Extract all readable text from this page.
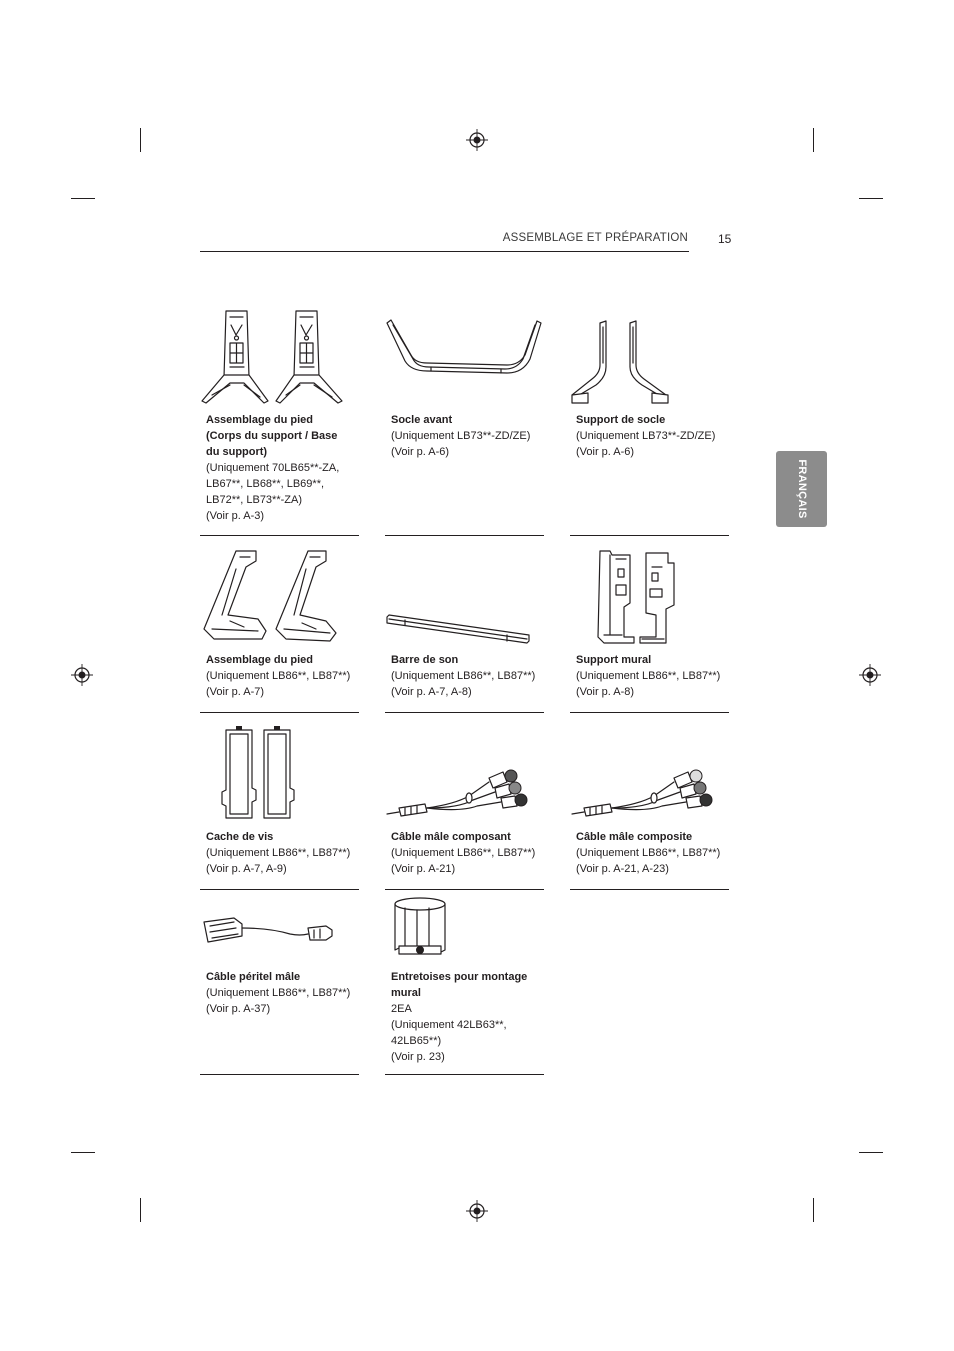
ASSEMBLAGE ET PRÉPARATION	15
FRANÇAIS
Assemblage du pied
(Corps du support / Base
du support)
(Uniquement 70LB65**-ZA,
LB67**, LB68**, LB69**,
LB72**, LB73**-ZA)
(Voir p. A-3)
Socle avant
(Uniquement LB73**-ZD/ZE)
(Voir p. A-6)
Support de socle
(Uniquement LB73**-ZD/ZE)
(Voir p. A-6)
Assemblage du pied
(Uniquement LB86**, LB87**)
(Voir p. A-7)
Barre de son
(Uniquement LB86**, LB87**)
(Voir p. A-7, A-8)
Support mural
(Uniquement LB86**, LB87**)
(Voir p. A-8)
Cache de vis
(Uniquement LB86**, LB87**)
(Voir p. A-7, A-9)
Câble mâle composant
(Uniquement LB86**, LB87**)
(Voir p. A-21)
Câble mâle composite
(Uniquement LB86**, LB87**)
(Voir p. A-21, A-23)
Câble péritel mâle
(Uniquement LB86**, LB87**)
(Voir p. A-37)
Entretoises pour montage
mural
2EA
(Uniquement 42LB63**,
42LB65**)
(Voir p. 23)
